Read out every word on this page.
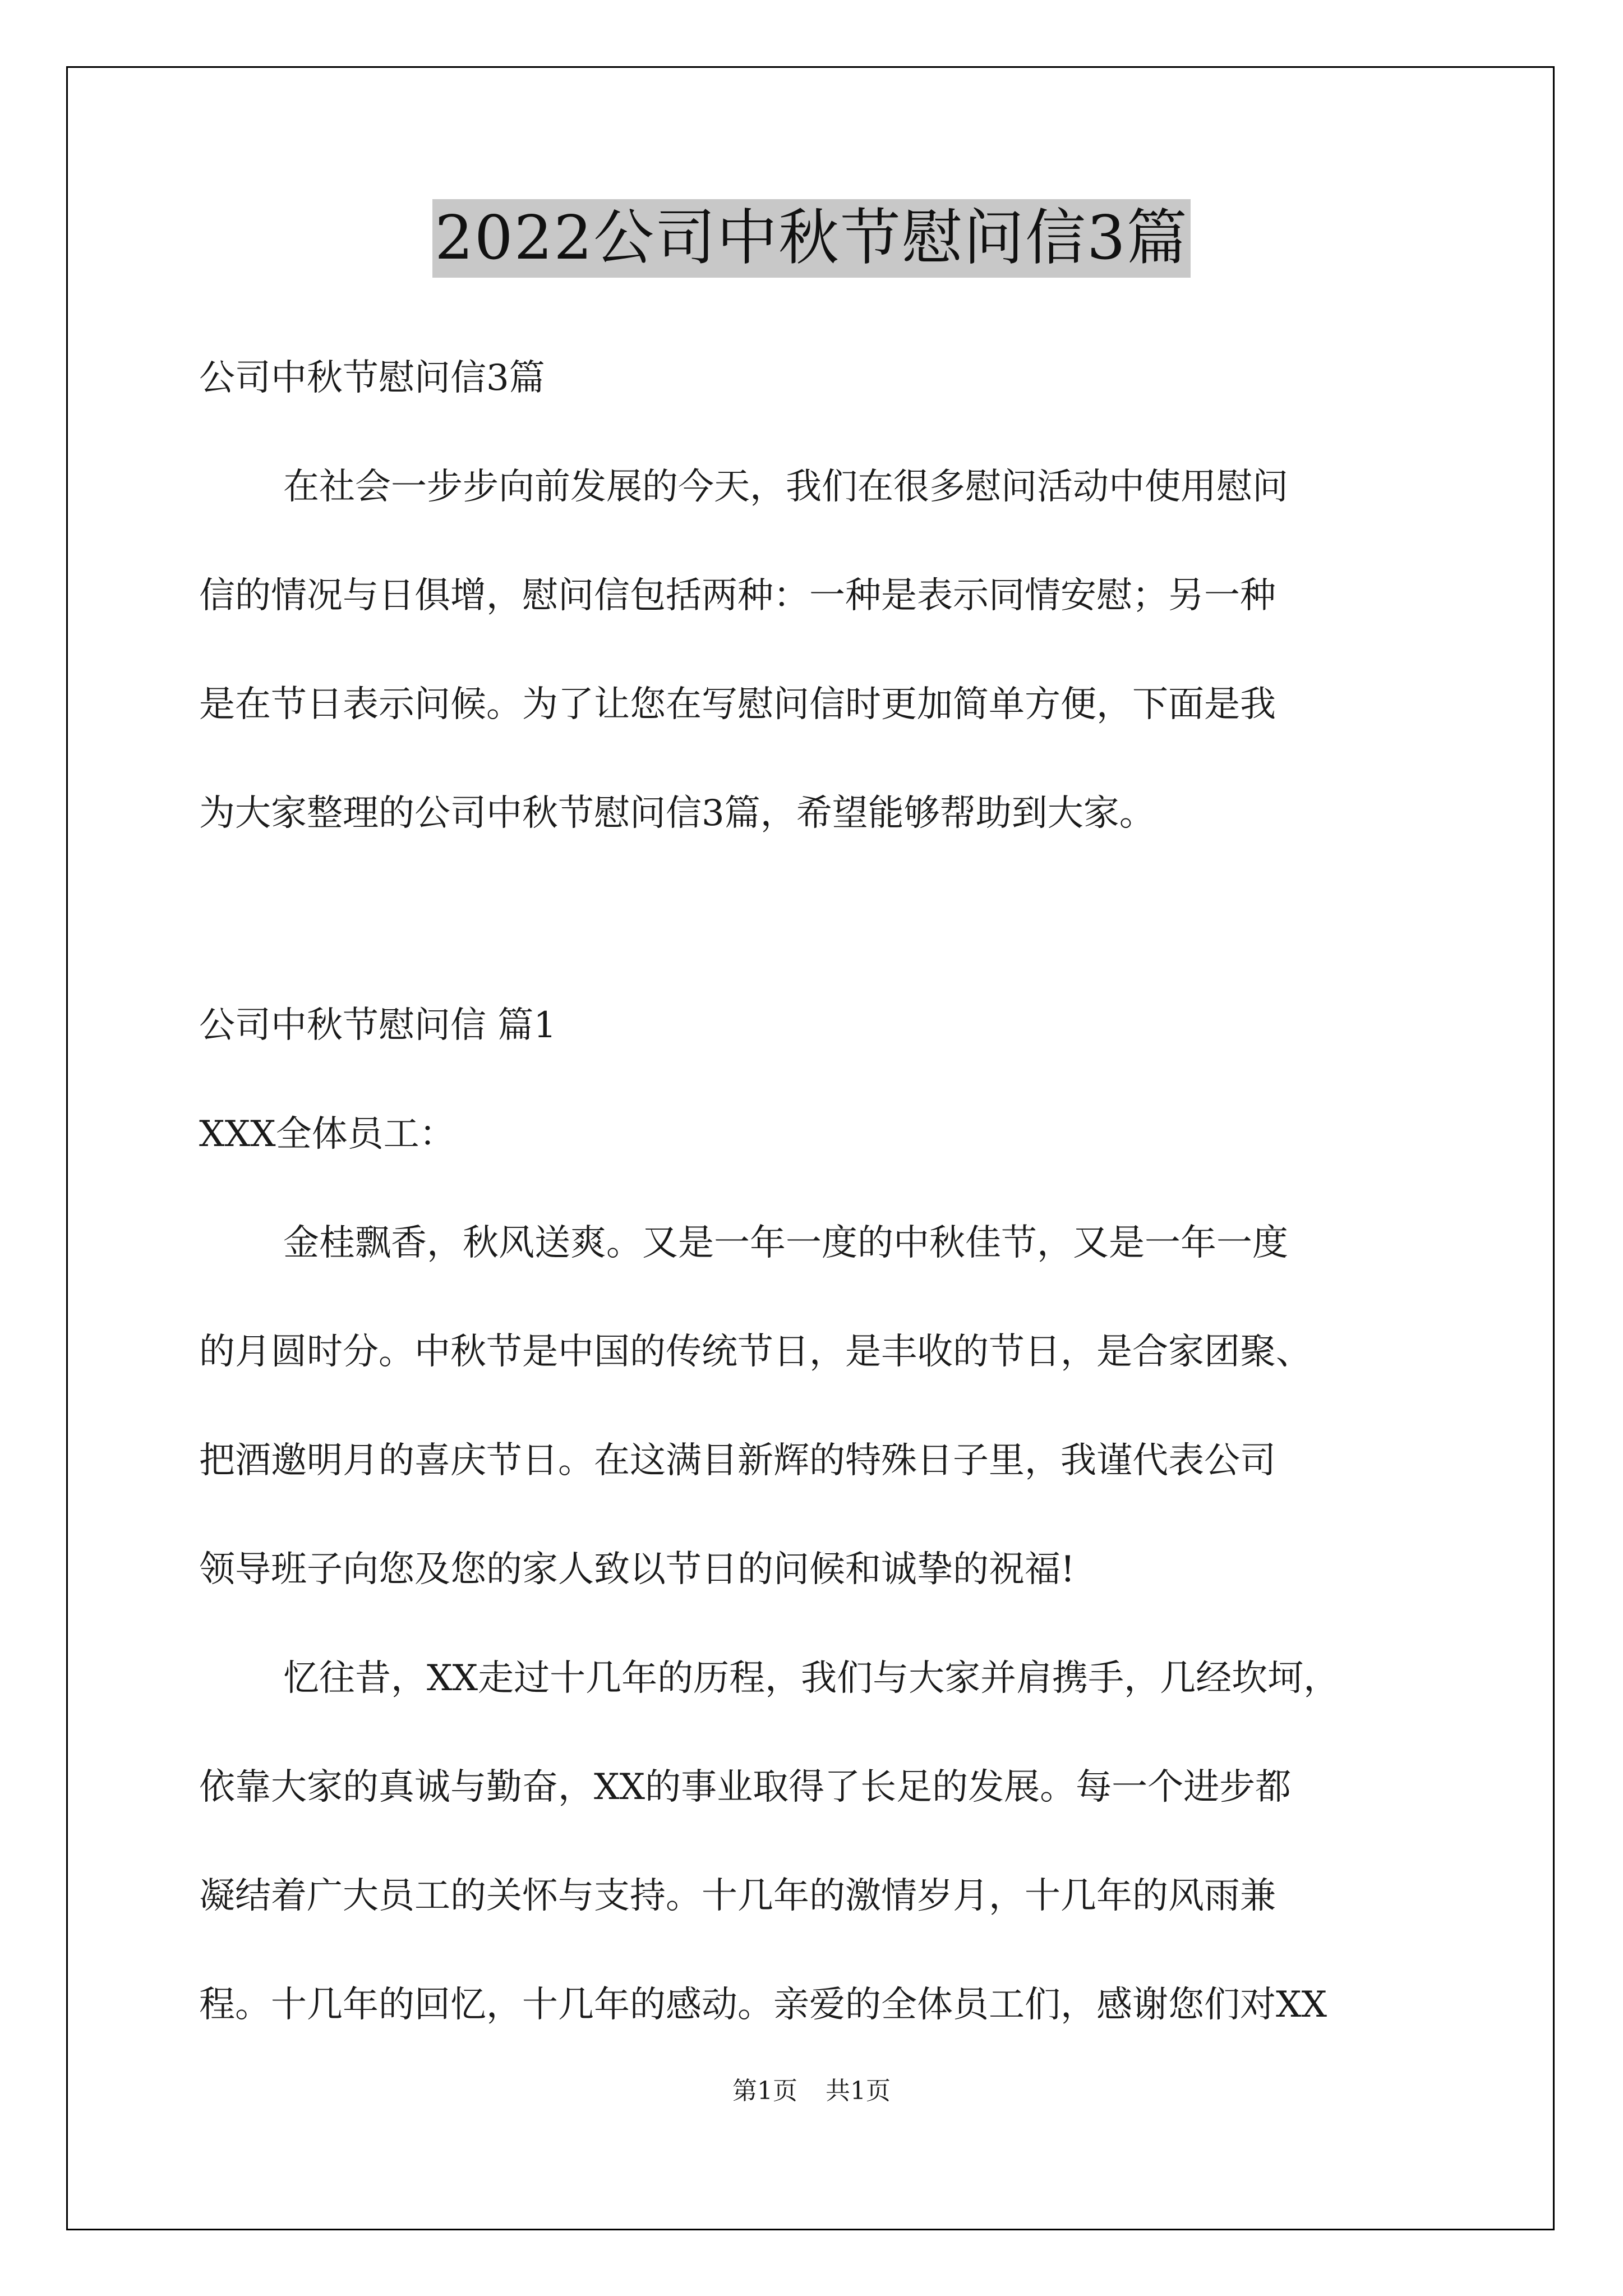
2022公司中秋节慰问信3篇
公司中秋节慰问信3篇
在社会一步步向前发展的今天，我们在很多慰问活动中使用慰问
信的情况与日俱增，慰问信包括两种：一种是表示同情安慰；另一种
是在节日表示问候。为了让您在写慰问信时更加简单方便，下面是我
为大家整理的公司中秋节慰问信3篇，希望能够帮助到大家。
公司中秋节慰问信 篇1
XXX全体员工：
金桂飘香，秋风送爽。又是一年一度的中秋佳节，又是一年一度
的月圆时分。中秋节是中国的传统节日，是丰收的节日，是合家团聚、
把酒邀明月的喜庆节日。在这满目新辉的特殊日子里，我谨代表公司
领导班子向您及您的家人致以节日的问候和诚挚的祝福!
忆往昔，XX走过十几年的历程，我们与大家并肩携手，几经坎坷，
依靠大家的真诚与勤奋，XX的事业取得了长足的发展。每一个进步都
凝结着广大员工的关怀与支持。十几年的激情岁月，十几年的风雨兼
程。十几年的回忆，十几年的感动。亲爱的全体员工们，感谢您们对XX
第1页 共1页
